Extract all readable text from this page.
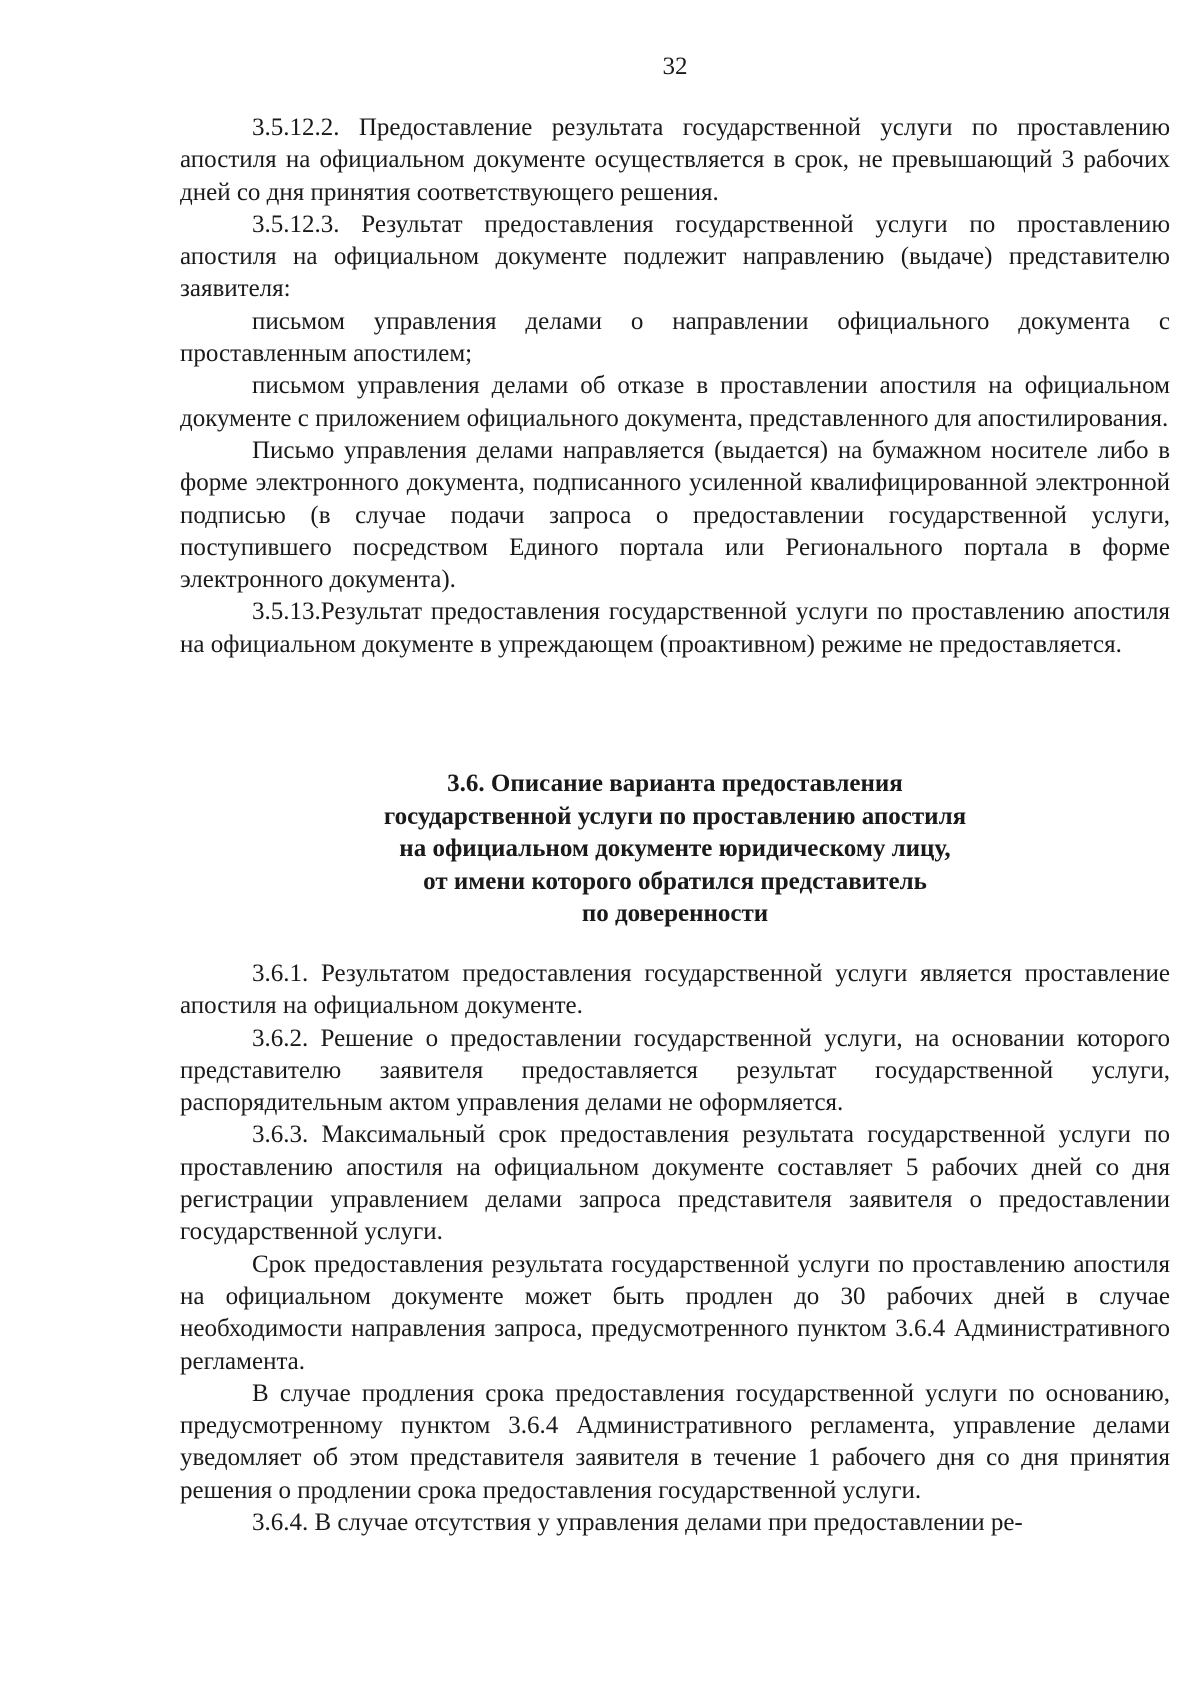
32

3.5.12.2. Предоставление результата государственной услуги по проставлению апостиля на официальном документе осуществляется в срок, не превышающий 3 рабочих дней со дня принятия соответствующего решения.

3.5.12.3. Результат предоставления государственной услуги по проставлению апостиля на официальном документе подлежит направлению (выдаче) представителю заявителя:

письмом управления делами о направлении официального документа с проставленным апостилем;

письмом управления делами об отказе в проставлении апостиля на официальном документе с приложением официального документа, представленного для апостилирования.

Письмо управления делами направляется (выдается) на бумажном носителе либо в форме электронного документа, подписанного усиленной квалифицированной электронной подписью (в случае подачи запроса о предоставлении государственной услуги, поступившего посредством Единого портала или Регионального портала в форме электронного документа).

3.5.13.Результат предоставления государственной услуги по проставлению апостиля на официальном документе в упреждающем (проактивном) режиме не предоставляется.

3.6. Описание варианта предоставления
государственной услуги по проставлению апостиля
на официальном документе юридическому лицу,
от имени которого обратился представитель
по доверенности

3.6.1. Результатом предоставления государственной услуги является проставление апостиля на официальном документе.

3.6.2. Решение о предоставлении государственной услуги, на основании которого представителю заявителя предоставляется результат государственной услуги, распорядительным актом управления делами не оформляется.

3.6.3. Максимальный срок предоставления результата государственной услуги по проставлению апостиля на официальном документе составляет 5 рабочих дней со дня регистрации управлением делами запроса представителя заявителя о предоставлении государственной услуги.

Срок предоставления результата государственной услуги по проставлению апостиля на официальном документе может быть продлен до 30 рабочих дней в случае необходимости направления запроса, предусмотренного пунктом 3.6.4 Административного регламента.

В случае продления срока предоставления государственной услуги по основанию, предусмотренному пунктом 3.6.4 Административного регламента, управление делами уведомляет об этом представителя заявителя в течение 1 рабочего дня со дня принятия решения о продлении срока предоставления государственной услуги.

3.6.4. В случае отсутствия у управления делами при предоставлении ре-
